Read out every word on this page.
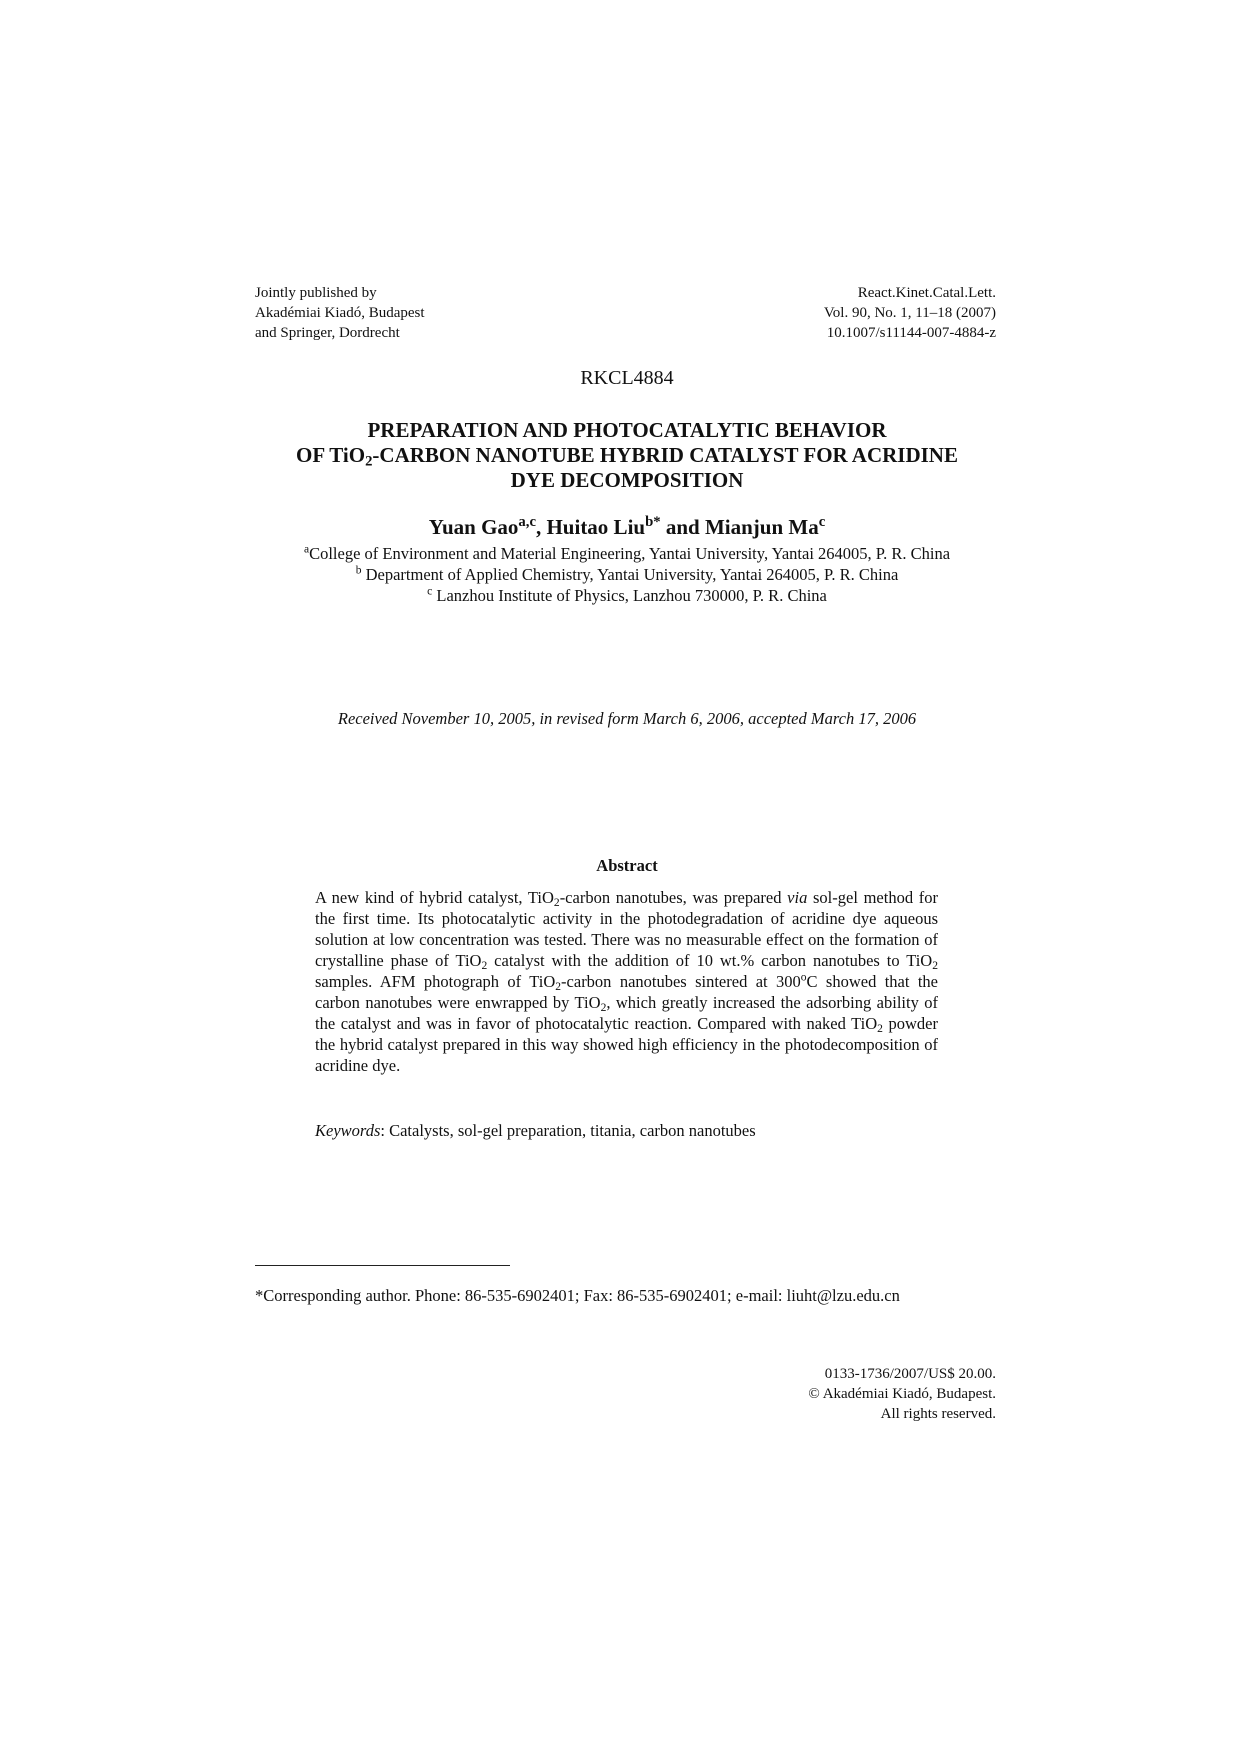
Jointly published by
Akadémiai Kiadó, Budapest
and Springer, Dordrecht
React.Kinet.Catal.Lett.
Vol. 90, No. 1, 11–18 (2007)
10.1007/s11144-007-4884-z
RKCL4884
PREPARATION AND PHOTOCATALYTIC BEHAVIOR
OF TiO$_2$-CARBON NANOTUBE HYBRID CATALYST FOR ACRIDINE
DYE DECOMPOSITION
Yuan Gao$^{a,c}$, Huitao Liu$^{b*}$ and Mianjun Ma$^c$
$^a$College of Environment and Material Engineering, Yantai University, Yantai 264005, P. R. China
$^b$ Department of Applied Chemistry, Yantai University, Yantai 264005, P. R. China
$^c$ Lanzhou Institute of Physics, Lanzhou 730000, P. R. China
Received November 10, 2005, in revised form March 6, 2006, accepted March 17, 2006
Abstract
A new kind of hybrid catalyst, TiO$_2$-carbon nanotubes, was prepared via sol-gel method for the first time. Its photocatalytic activity in the photodegradation of acridine dye aqueous solution at low concentration was tested. There was no measurable effect on the formation of crystalline phase of TiO$_2$ catalyst with the addition of 10 wt.% carbon nanotubes to TiO$_2$ samples. AFM photograph of TiO$_2$-carbon nanotubes sintered at 300$^o$C showed that the carbon nanotubes were enwrapped by TiO$_2$, which greatly increased the adsorbing ability of the catalyst and was in favor of photocatalytic reaction. Compared with naked TiO$_2$ powder the hybrid catalyst prepared in this way showed high efficiency in the photodecomposition of acridine dye.
Keywords: Catalysts, sol-gel preparation, titania, carbon nanotubes
*Corresponding author. Phone: 86-535-6902401; Fax: 86-535-6902401; e-mail: liuht@lzu.edu.cn
0133-1736/2007/US$ 20.00.
© Akadémiai Kiadó, Budapest.
All rights reserved.
